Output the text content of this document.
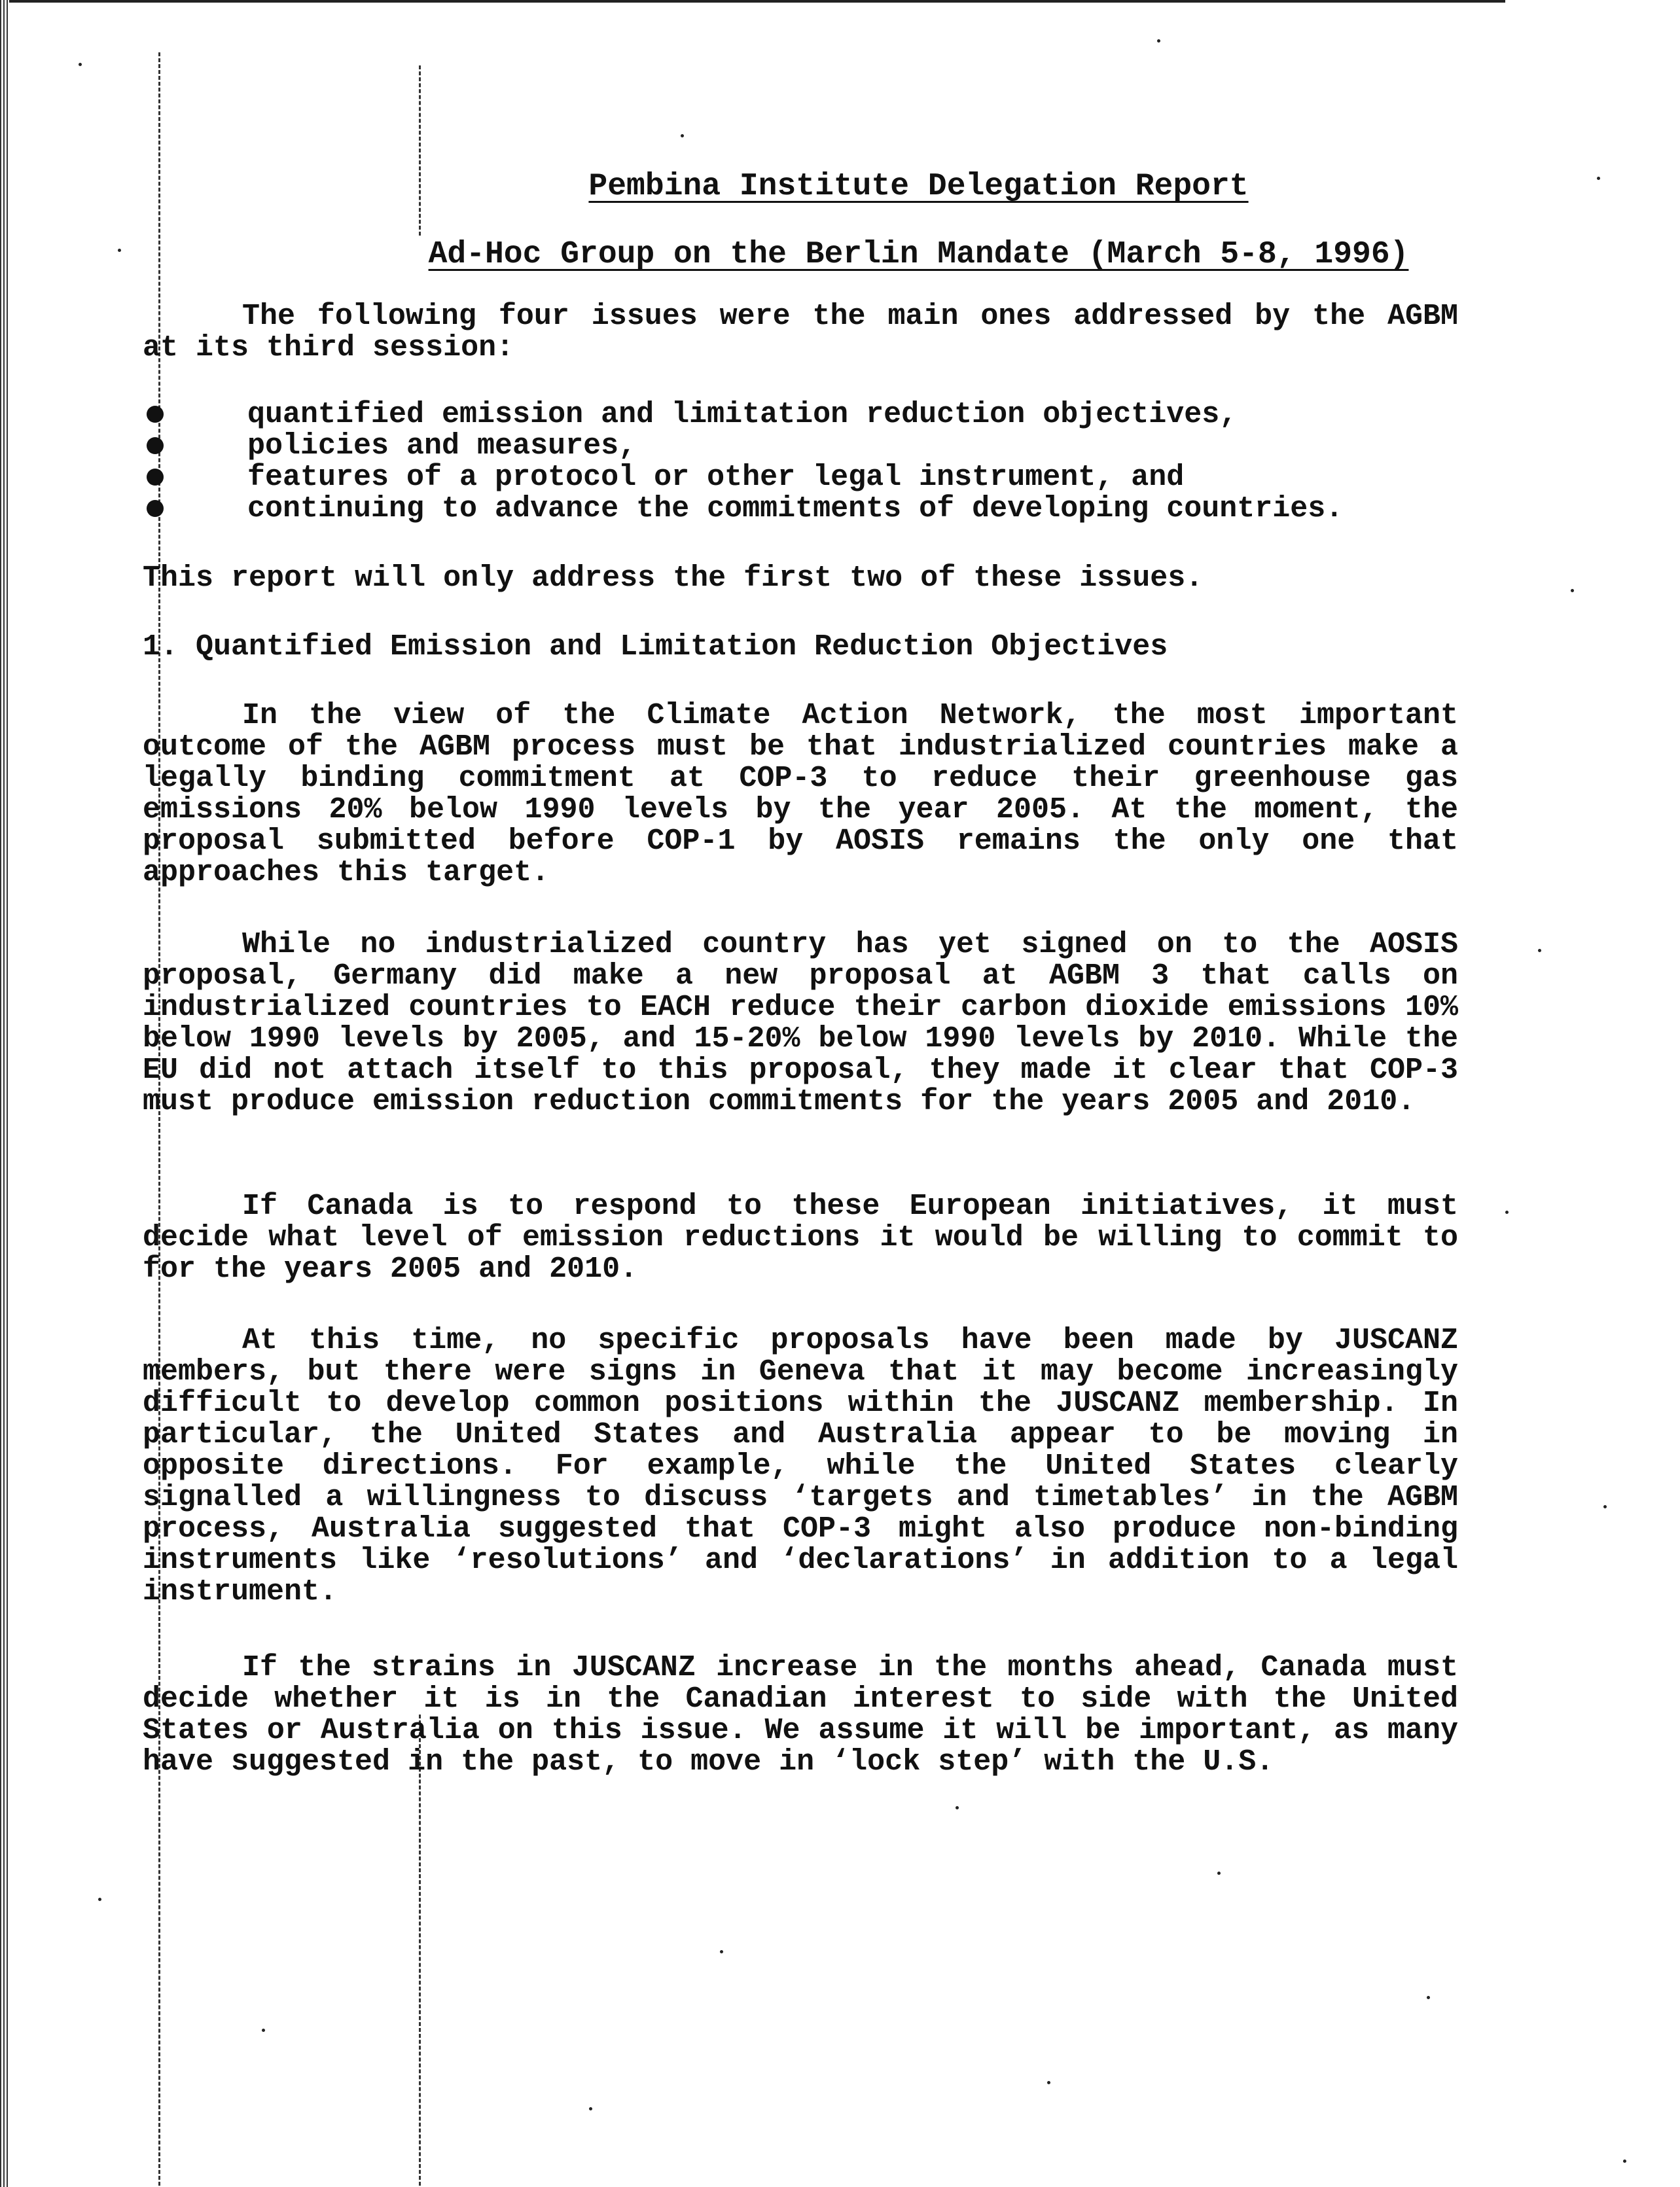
Pembina Institute Delegation Report
Ad-Hoc Group on the Berlin Mandate (March 5-8, 1996)
The following four issues were the main ones addressed by the AGBM at its third session:
quantified emission and limitation reduction objectives,
policies and measures,
features of a protocol or other legal instrument, and
continuing to advance the commitments of developing countries.
This report will only address the first two of these issues.
1. Quantified Emission and Limitation Reduction Objectives
In the view of the Climate Action Network, the most important outcome of the AGBM process must be that industrialized countries make a legally binding commitment at COP-3 to reduce their greenhouse gas emissions 20% below 1990 levels by the year 2005. At the moment, the proposal submitted before COP-1 by AOSIS remains the only one that approaches this target.
While no industrialized country has yet signed on to the AOSIS proposal, Germany did make a new proposal at AGBM 3 that calls on industrialized countries to EACH reduce their carbon dioxide emissions 10% below 1990 levels by 2005, and 15-20% below 1990 levels by 2010. While the EU did not attach itself to this proposal, they made it clear that COP-3 must produce emission reduction commitments for the years 2005 and 2010.
If Canada is to respond to these European initiatives, it must decide what level of emission reductions it would be willing to commit to for the years 2005 and 2010.
At this time, no specific proposals have been made by JUSCANZ members, but there were signs in Geneva that it may become increasingly difficult to develop common positions within the JUSCANZ membership. In particular, the United States and Australia appear to be moving in opposite directions. For example, while the United States clearly signalled a willingness to discuss ‘targets and timetables’ in the AGBM process, Australia suggested that COP-3 might also produce non-binding instruments like ‘resolutions’ and ‘declarations’ in addition to a legal instrument.
If the strains in JUSCANZ increase in the months ahead, Canada must decide whether it is in the Canadian interest to side with the United States or Australia on this issue. We assume it will be important, as many have suggested in the past, to move in ‘lock step’ with the U.S.
